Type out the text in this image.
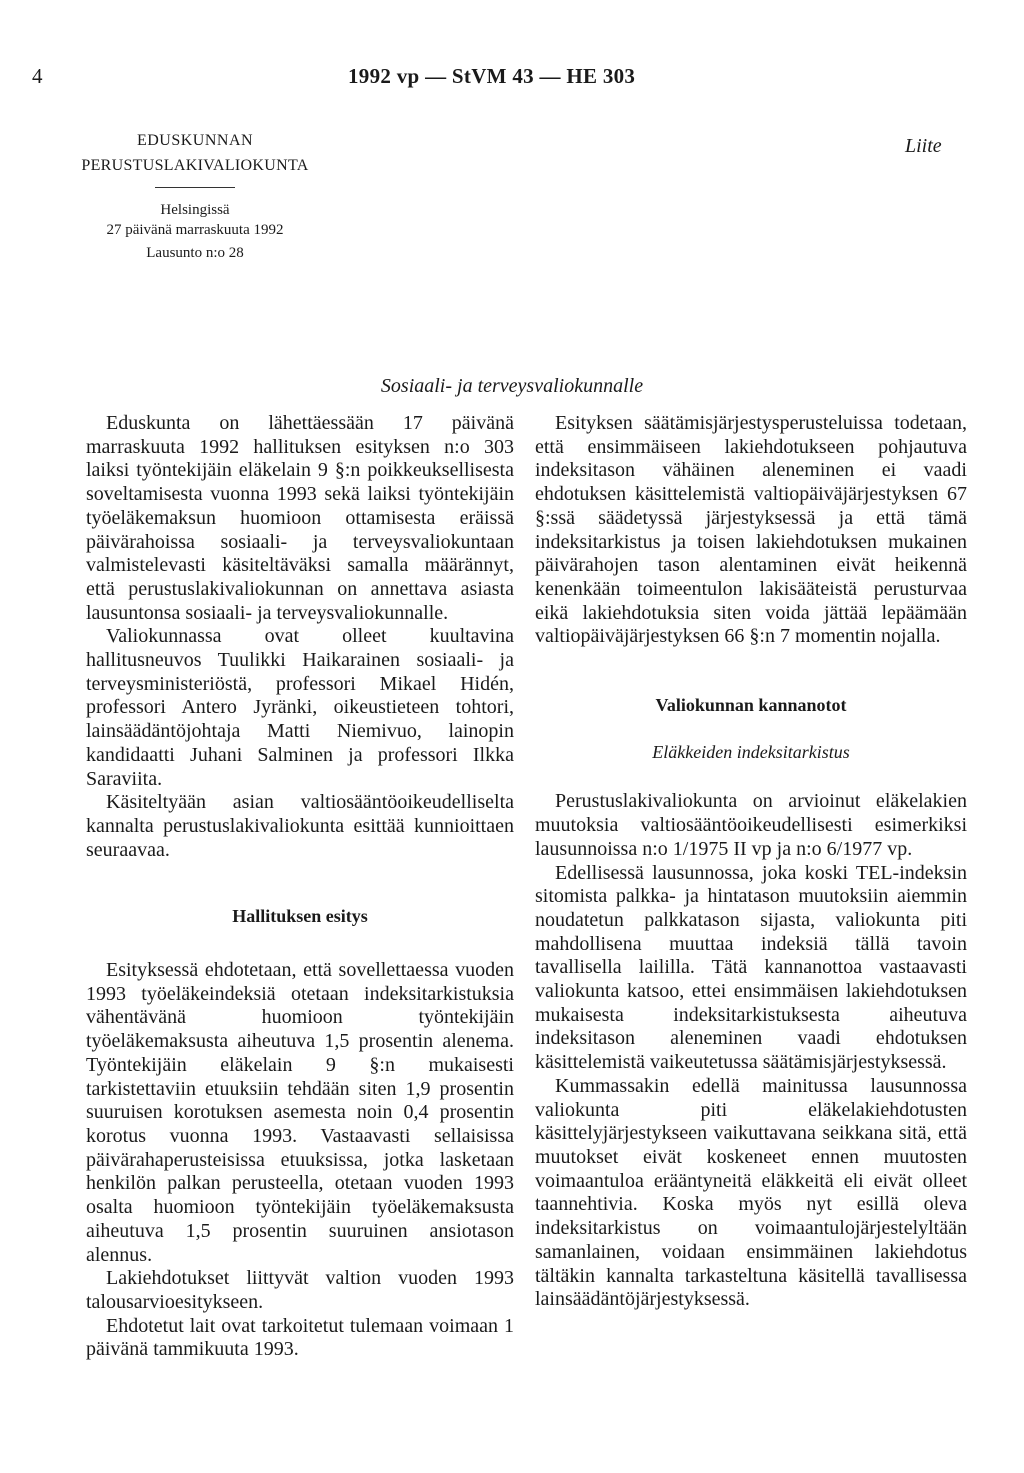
4	1992 vp — StVM 43 — HE 303
Liite
EDUSKUNNAN
PERUSTUSLAKIVALIOKUNTA
Helsingissä
27 päivänä marraskuuta 1992
Lausunto n:o 28
Sosiaali- ja terveysvaliokunnalle

Eduskunta on lähettäessään 17 päivänä marraskuuta 1992 hallituksen esityksen n:o 303 laiksi työntekijäin eläkelain 9 §:n poikkeuksellisesta soveltamisesta vuonna 1993 sekä laiksi työntekijäin työeläkemaksun huomioon ottamisesta eräissä päivärahoissa sosiaali- ja terveysvaliokuntaan valmistelevasti käsiteltäväksi samalla määrännyt, että perustuslakivaliokunnan on annettava asiasta lausuntonsa sosiaali- ja terveysvaliokunnalle.

Valiokunnassa ovat olleet kuultavina hallitusneuvos Tuulikki Haikarainen sosiaali- ja terveysministeriöstä, professori Mikael Hidén, professori Antero Jyränki, oikeustieteen tohtori, lainsäädäntöjohtaja Matti Niemivuo, lainopin kandidaatti Juhani Salminen ja professori Ilkka Saraviita.

Käsiteltyään asian valtiosääntöoikeudelliselta kannalta perustuslakivaliokunta esittää kunnioittaen seuraavaa.

Hallituksen esitys

Esityksessä ehdotetaan, että sovellettaessa vuoden 1993 työeläkeindeksiä otetaan indeksitarkistuksia vähentävänä huomioon työntekijäin työeläkemaksusta aiheutuva 1,5 prosentin alenema. Työntekijäin eläkelain 9 §:n mukaisesti tarkistettaviin etuuksiin tehdään siten 1,9 prosentin suuruisen korotuksen asemesta noin 0,4 prosentin korotus vuonna 1993. Vastaavasti sellaisissa päivärahaperusteisissa etuuksissa, jotka lasketaan henkilön palkan perusteella, otetaan vuoden 1993 osalta huomioon työntekijäin työeläkemaksusta aiheutuva 1,5 prosentin suuruinen ansiotason alennus.

Lakiehdotukset liittyvät valtion vuoden 1993 talousarvioesitykseen.

Ehdotetut lait ovat tarkoitetut tulemaan voimaan 1 päivänä tammikuuta 1993.

Esityksen säätämisjärjestysperusteluissa todetaan, että ensimmäiseen lakiehdotukseen pohjautuva indeksitason vähäinen aleneminen ei vaadi ehdotuksen käsittelemistä valtiopäiväjärjestyksen 67 §:ssä säädetyssä järjestyksessä ja että tämä indeksitarkistus ja toisen lakiehdotuksen mukainen päivärahojen tason alentaminen eivät heikennä kenenkään toimeentulon lakisääteistä perusturvaa eikä lakiehdotuksia siten voida jättää lepäämään valtiopäiväjärjestyksen 66 §:n 7 momentin nojalla.

Valiokunnan kannanotot
Eläkkeiden indeksitarkistus

Perustuslakivaliokunta on arvioinut eläkelakien muutoksia valtiosääntöoikeudellisesti esimerkiksi lausunnoissa n:o 1/1975 II vp ja n:o 6/1977 vp.

Edellisessä lausunnossa, joka koski TEL-indeksin sitomista palkka- ja hintatason muutoksiin aiemmin noudatetun palkkatason sijasta, valiokunta piti mahdollisena muuttaa indeksiä tällä tavoin tavallisella laililla. Tätä kannanottoa vastaavasti valiokunta katsoo, ettei ensimmäisen lakiehdotuksen mukaisesta indeksitarkistuksesta aiheutuva indeksitason aleneminen vaadi ehdotuksen käsittelemistä vaikeutetussa säätämisjärjestyksessä.

Kummassakin edellä mainitussa lausunnossa valiokunta piti eläkelakiehdotusten käsittelyjärjestykseen vaikuttavana seikkana sitä, että muutokset eivät koskeneet ennen muutosten voimaantuloa erääntyneitä eläkkeitä eli eivät olleet taannehtivia. Koska myös nyt esillä oleva indeksitarkistus on voimaantulojärjestelyltään samanlainen, voidaan ensimmäinen lakiehdotus tältäkin kannalta tarkasteltuna käsitellä tavallisessa lainsäädäntöjärjestyksessä.
